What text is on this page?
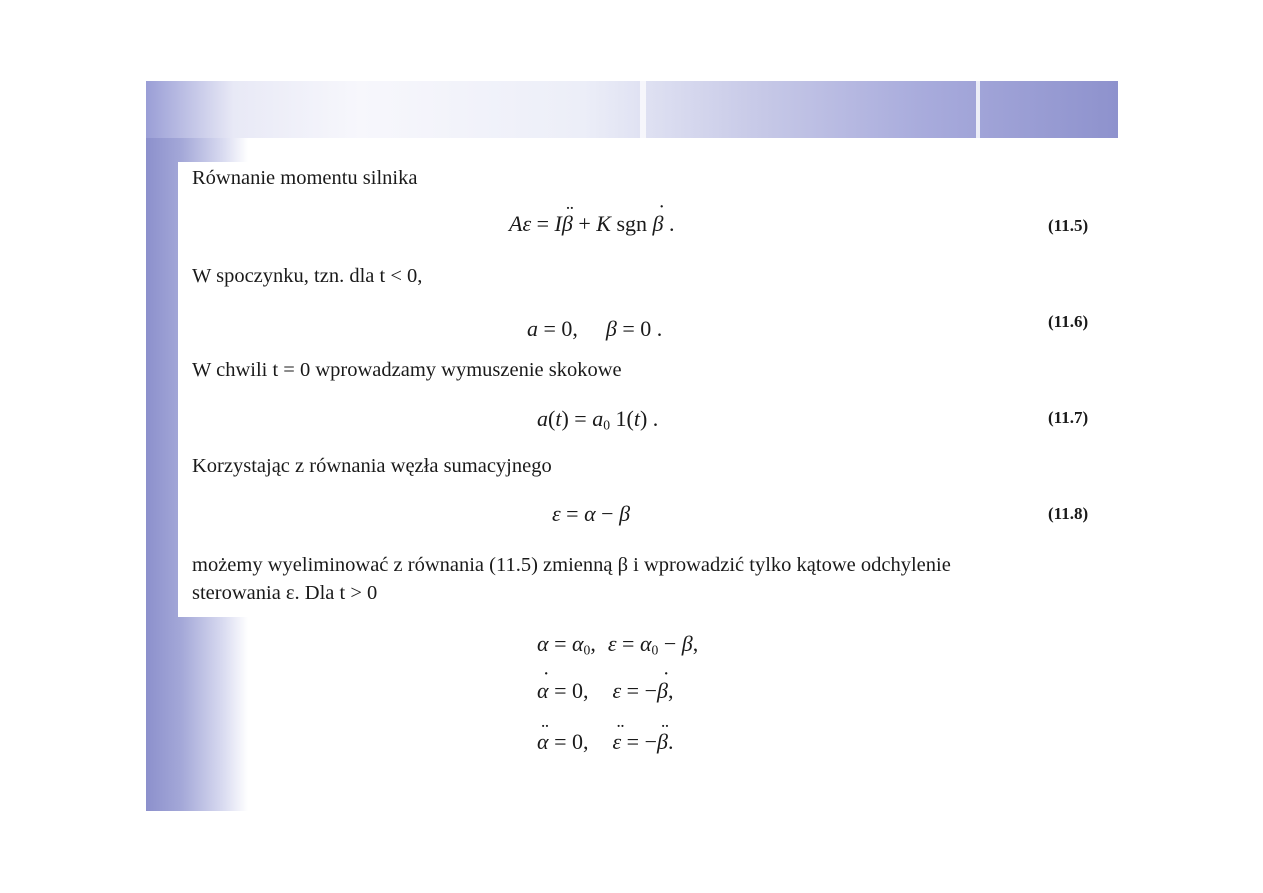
Równanie momentu silnika
Aε = I¨ β + K sgn ˙ β .	(11.5)
W spoczynku, tzn. dla t < 0,
a = 0, β = 0 .	(11.6)
W chwili t = 0 wprowadzamy wymuszenie skokowe
$a(t) = a_0$ 1(t) .	(11.7)
Korzystając z równania węzła sumacyjnego
ε = α − β	(11.8)
możemy wyeliminować z równania (11.5) zmienną β i wprowadzić tylko kątowe odchylenie
sterowania ε. Dla t > 0
$\alpha = \alpha_0$, $\varepsilon = \alpha_0 - \beta$,
˙ α = 0, ε = −˙ β,
¨ α = 0,¨ ε = −¨ β.
